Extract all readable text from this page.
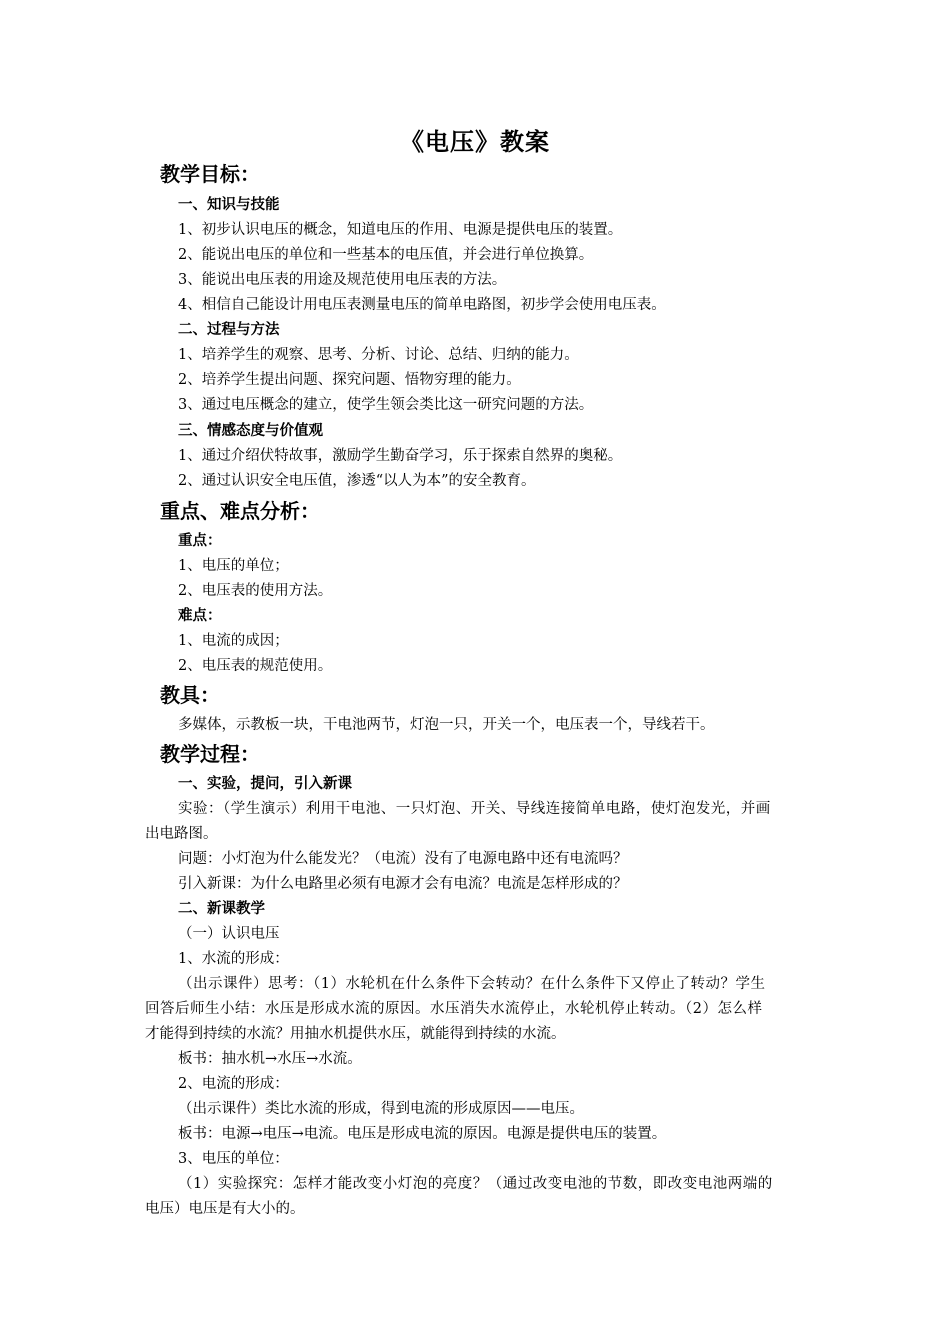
《电压》教案
教学目标：
一、知识与技能
1、初步认识电压的概念，知道电压的作用、电源是提供电压的装置。
2、能说出电压的单位和一些基本的电压值，并会进行单位换算。
3、能说出电压表的用途及规范使用电压表的方法。
4、相信自己能设计用电压表测量电压的简单电路图，初步学会使用电压表。
二、过程与方法
1、培养学生的观察、思考、分析、讨论、总结、归纳的能力。
2、培养学生提出问题、探究问题、悟物穷理的能力。
3、通过电压概念的建立，使学生领会类比这一研究问题的方法。
三、情感态度与价值观
1、通过介绍伏特故事，激励学生勤奋学习，乐于探索自然界的奥秘。
2、通过认识安全电压值，渗透“以人为本”的安全教育。
重点、难点分析：
重点：
1、电压的单位；
2、电压表的使用方法。
难点：
1、电流的成因；
2、电压表的规范使用。
教具：
多媒体，示教板一块，干电池两节，灯泡一只，开关一个，电压表一个，导线若干。
教学过程：
一、实验，提问，引入新课
实验：（学生演示）利用干电池、一只灯泡、开关、导线连接简单电路，使灯泡发光，并画
出电路图。
问题：小灯泡为什么能发光？（电流）没有了电源电路中还有电流吗？
引入新课：为什么电路里必须有电源才会有电流？电流是怎样形成的？
二、新课教学
（一）认识电压
1、水流的形成：
（出示课件）思考：（1）水轮机在什么条件下会转动？在什么条件下又停止了转动？学生
回答后师生小结：水压是形成水流的原因。水压消失水流停止，水轮机停止转动。（2）怎么样
才能得到持续的水流？用抽水机提供水压，就能得到持续的水流。
板书：抽水机→水压→水流。
2、电流的形成：
（出示课件）类比水流的形成，得到电流的形成原因——电压。
板书：电源→电压→电流。电压是形成电流的原因。电源是提供电压的装置。
3、电压的单位：
（1）实验探究：怎样才能改变小灯泡的亮度？（通过改变电池的节数，即改变电池两端的
电压）电压是有大小的。
